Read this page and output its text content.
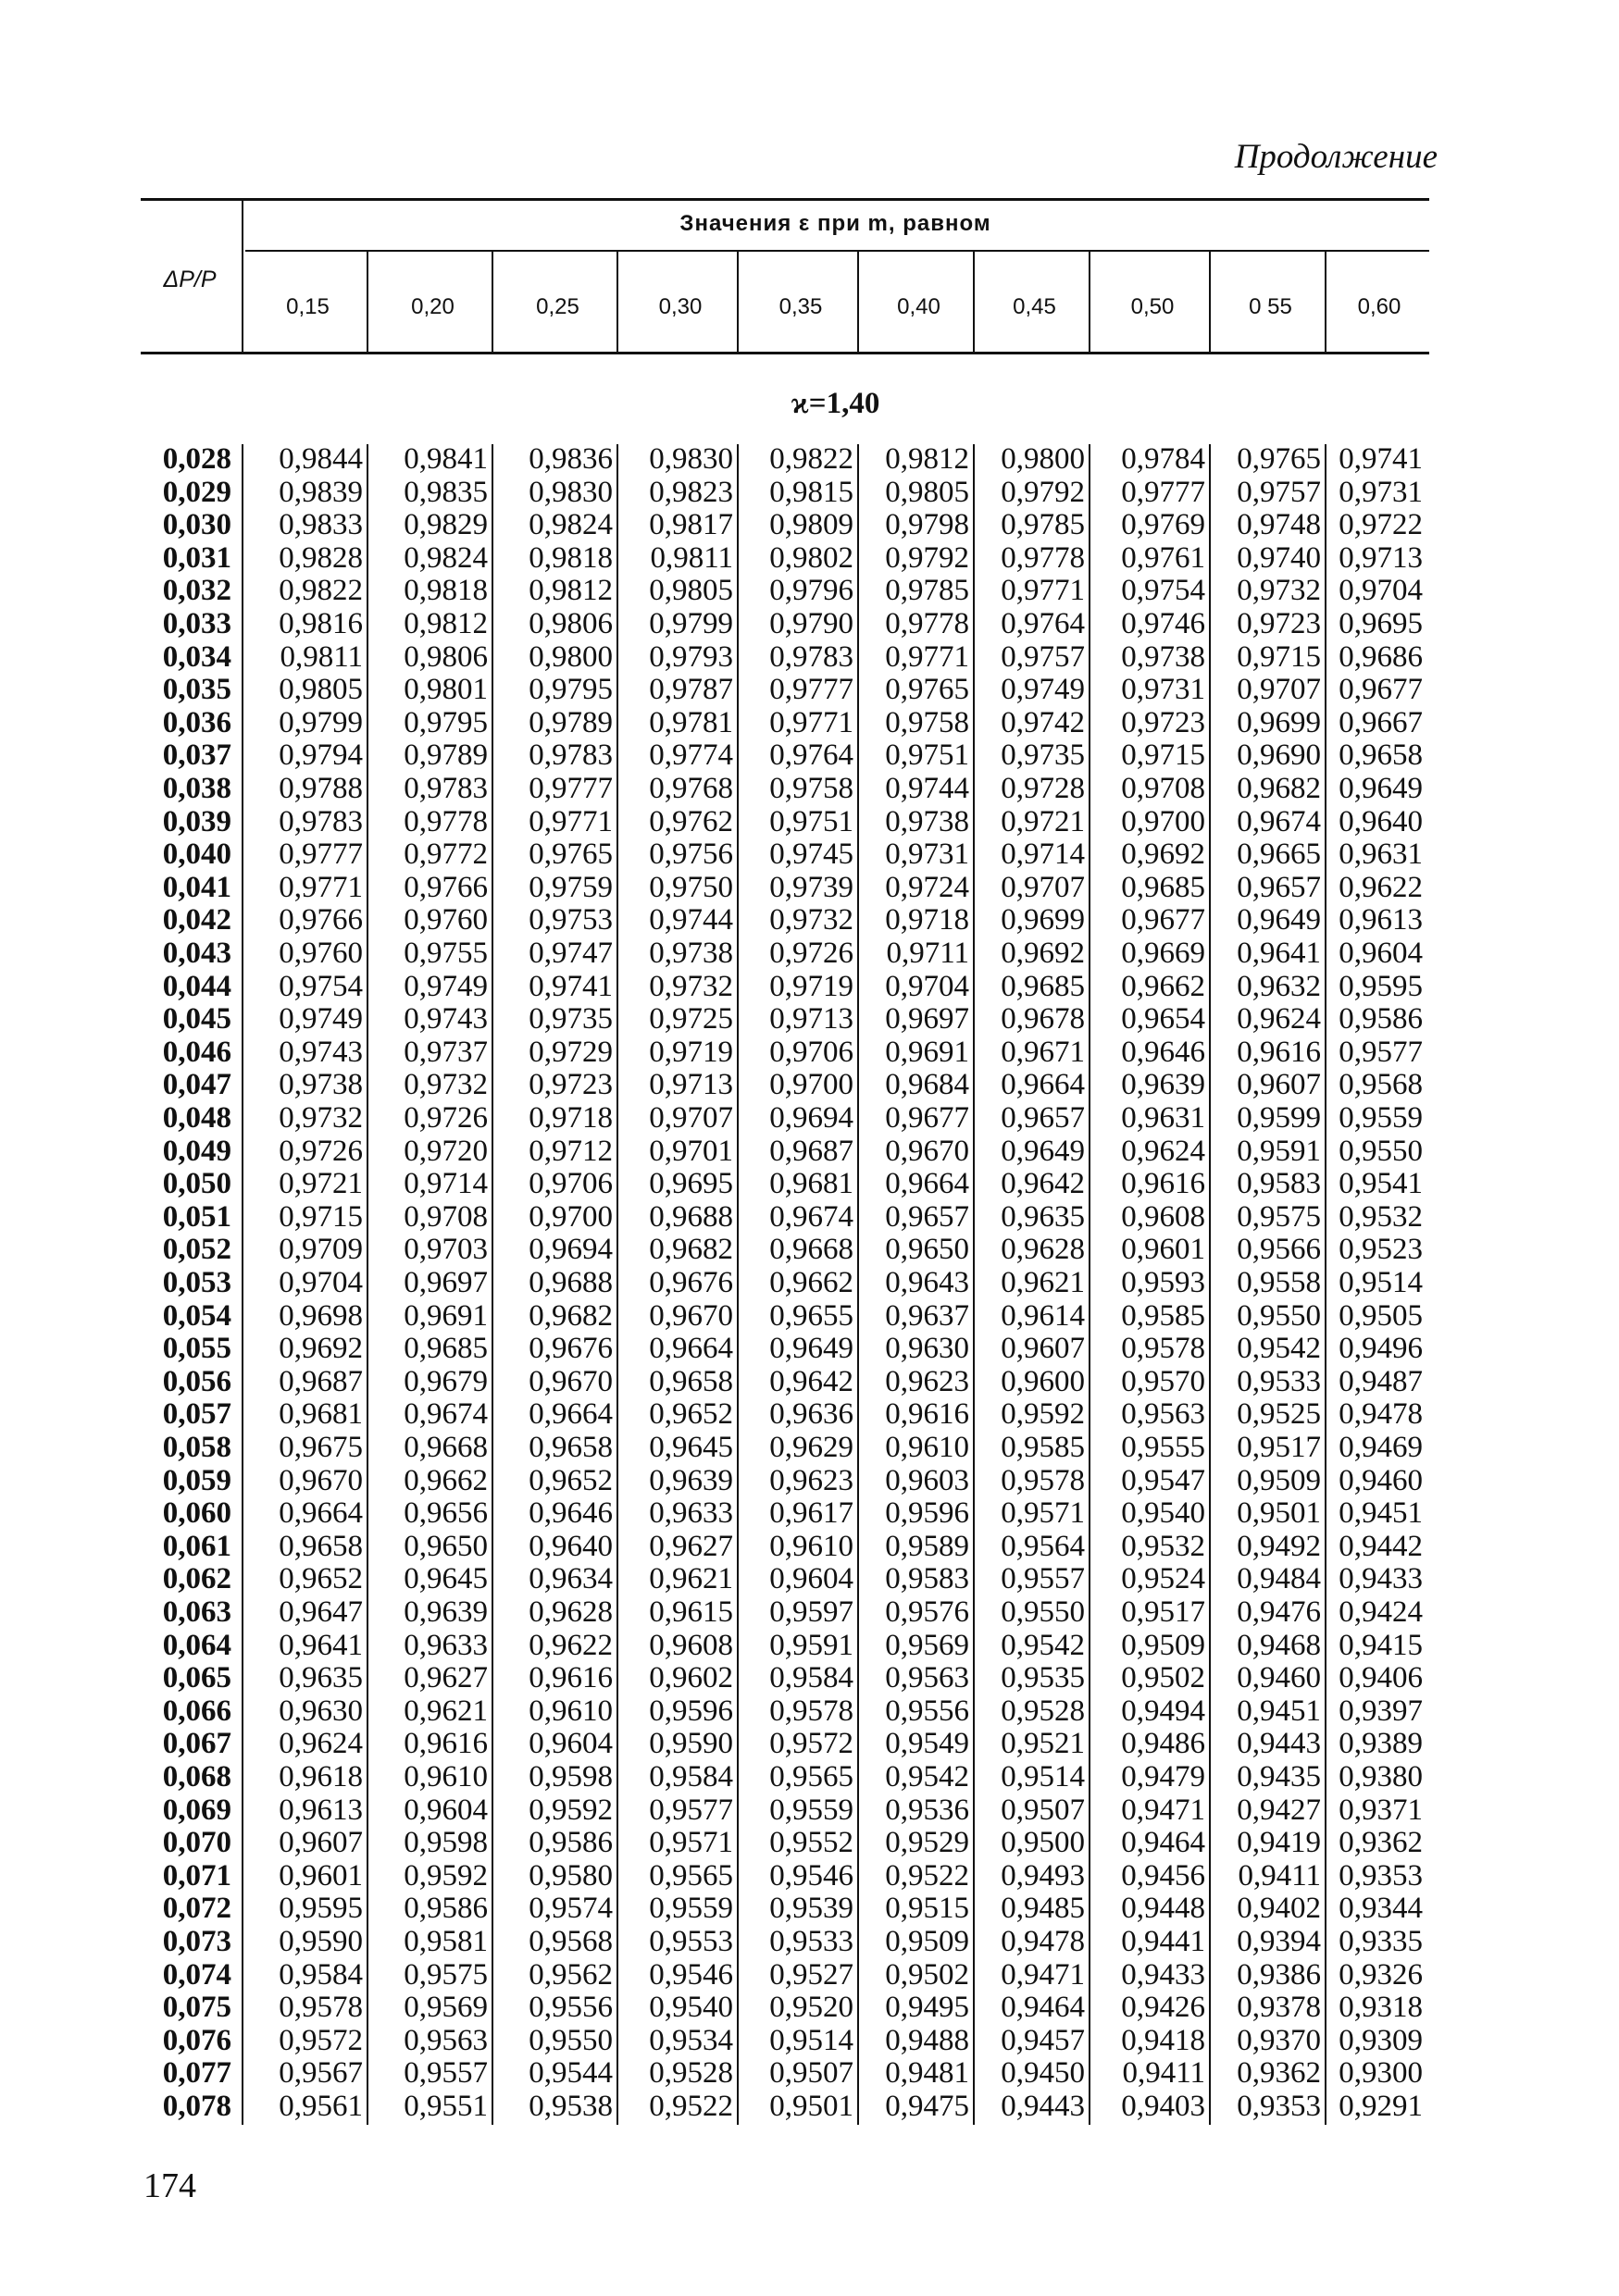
Продолжение
ΔP/P
Значения ε при m, равном
0,15	0,20	0,25	0,30	0,35	0,40	0,45	0,50	0 55	0,60
ϰ=1,40
0,028	0,9844	0,9841	0,9836	0,9830	0,9822	0,9812	0,9800	0,9784	0,9765 0,9741
0,029	0,9839	0,9835	0,9830	0,9823	0,9815	0,9805	0,9792	0,9777	0,9757 0,9731
0,030	0,9833	0,9829	0,9824	0,9817	0,9809	0,9798	0,9785	0,9769	0,9748 0,9722
0,031	0,9828	0,9824	0,9818	0,9811	0,9802	0,9792	0,9778	0,9761	0,9740 0,9713
0,032	0,9822	0,9818	0,9812	0,9805	0,9796	0,9785	0,9771	0,9754	0,9732 0,9704
0,033	0,9816	0,9812	0,9806	0,9799	0,9790	0,9778	0,9764	0,9746	0,9723 0,9695
0,034	0,9811	0,9806	0,9800	0,9793	0,9783	0,9771	0,9757	0,9738	0,9715 0,9686
0,035	0,9805	0,9801	0,9795	0,9787	0,9777	0,9765	0,9749	0,9731	0,9707 0,9677
0,036	0,9799	0,9795	0,9789	0,9781	0,9771	0,9758	0,9742	0,9723	0,9699 0,9667
0,037	0,9794	0,9789	0,9783	0,9774	0,9764	0,9751	0,9735	0,9715	0,9690 0,9658
0,038	0,9788	0,9783	0,9777	0,9768	0,9758	0,9744	0,9728	0,9708	0,9682 0,9649
0,039	0,9783	0,9778	0,9771	0,9762	0,9751	0,9738	0,9721	0,9700	0,9674 0,9640
0,040	0,9777	0,9772	0,9765	0,9756	0,9745	0,9731	0,9714	0,9692	0,9665 0,9631
0,041	0,9771	0,9766	0,9759	0,9750	0,9739	0,9724	0,9707	0,9685	0,9657 0,9622
0,042	0,9766	0,9760	0,9753	0,9744	0,9732	0,9718	0,9699	0,9677	0,9649 0,9613
0,043	0,9760	0,9755	0,9747	0,9738	0,9726	0,9711	0,9692	0,9669	0,9641 0,9604
0,044	0,9754	0,9749	0,9741	0,9732	0,9719	0,9704	0,9685	0,9662	0,9632 0,9595
0,045	0,9749	0,9743	0,9735	0,9725	0,9713	0,9697	0,9678	0,9654	0,9624 0,9586
0,046	0,9743	0,9737	0,9729	0,9719	0,9706	0,9691	0,9671	0,9646	0,9616 0,9577
0,047	0,9738	0,9732	0,9723	0,9713	0,9700	0,9684	0,9664	0,9639	0,9607 0,9568
0,048	0,9732	0,9726	0,9718	0,9707	0,9694	0,9677	0,9657	0,9631	0,9599 0,9559
0,049	0,9726	0,9720	0,9712	0,9701	0,9687	0,9670	0,9649	0,9624	0,9591 0,9550
0,050	0,9721	0,9714	0,9706	0,9695	0,9681	0,9664	0,9642	0,9616	0,9583 0,9541
0,051	0,9715	0,9708	0,9700	0,9688	0,9674	0,9657	0,9635	0,9608	0,9575 0,9532
0,052	0,9709	0,9703	0,9694	0,9682	0,9668	0,9650	0,9628	0,9601	0,9566 0,9523
0,053	0,9704	0,9697	0,9688	0,9676	0,9662	0,9643	0,9621	0,9593	0,9558 0,9514
0,054	0,9698	0,9691	0,9682	0,9670	0,9655	0,9637	0,9614	0,9585	0,9550 0,9505
0,055	0,9692	0,9685	0,9676	0,9664	0,9649	0,9630	0,9607	0,9578	0,9542 0,9496
0,056	0,9687	0,9679	0,9670	0,9658	0,9642	0,9623	0,9600	0,9570	0,9533 0,9487
0,057	0,9681	0,9674	0,9664	0,9652	0,9636	0,9616	0,9592	0,9563	0,9525 0,9478
0,058	0,9675	0,9668	0,9658	0,9645	0,9629	0,9610	0,9585	0,9555	0,9517 0,9469
0,059	0,9670	0,9662	0,9652	0,9639	0,9623	0,9603	0,9578	0,9547	0,9509 0,9460
0,060	0,9664	0,9656	0,9646	0,9633	0,9617	0,9596	0,9571	0,9540	0,9501 0,9451
0,061	0,9658	0,9650	0,9640	0,9627	0,9610	0,9589	0,9564	0,9532	0,9492 0,9442
0,062	0,9652	0,9645	0,9634	0,9621	0,9604	0,9583	0,9557	0,9524	0,9484 0,9433
0,063	0,9647	0,9639	0,9628	0,9615	0,9597	0,9576	0,9550	0,9517	0,9476 0,9424
0,064	0,9641	0,9633	0,9622	0,9608	0,9591	0,9569	0,9542	0,9509	0,9468 0,9415
0,065	0,9635	0,9627	0,9616	0,9602	0,9584	0,9563	0,9535	0,9502	0,9460 0,9406
0,066	0,9630	0,9621	0,9610	0,9596	0,9578	0,9556	0,9528	0,9494	0,9451 0,9397
0,067	0,9624	0,9616	0,9604	0,9590	0,9572	0,9549	0,9521	0,9486	0,9443 0,9389
0,068	0,9618	0,9610	0,9598	0,9584	0,9565	0,9542	0,9514	0,9479	0,9435 0,9380
0,069	0,9613	0,9604	0,9592	0,9577	0,9559	0,9536	0,9507	0,9471	0,9427 0,9371
0,070	0,9607	0,9598	0,9586	0,9571	0,9552	0,9529	0,9500	0,9464	0,9419 0,9362
0,071	0,9601	0,9592	0,9580	0,9565	0,9546	0,9522	0,9493	0,9456	0,9411 0,9353
0,072	0,9595	0,9586	0,9574	0,9559	0,9539	0,9515	0,9485	0,9448	0,9402 0,9344
0,073	0,9590	0,9581	0,9568	0,9553	0,9533	0,9509	0,9478	0,9441	0,9394 0,9335
0,074	0,9584	0,9575	0,9562	0,9546	0,9527	0,9502	0,9471	0,9433	0,9386 0,9326
0,075	0,9578	0,9569	0,9556	0,9540	0,9520	0,9495	0,9464	0,9426	0,9378 0,9318
0,076	0,9572	0,9563	0,9550	0,9534	0,9514	0,9488	0,9457	0,9418	0,9370 0,9309
0,077	0,9567	0,9557	0,9544	0,9528	0,9507	0,9481	0,9450	0,9411	0,9362 0,9300
0,078	0,9561	0,9551	0,9538	0,9522	0,9501	0,9475	0,9443	0,9403	0,9353 0,9291
174
